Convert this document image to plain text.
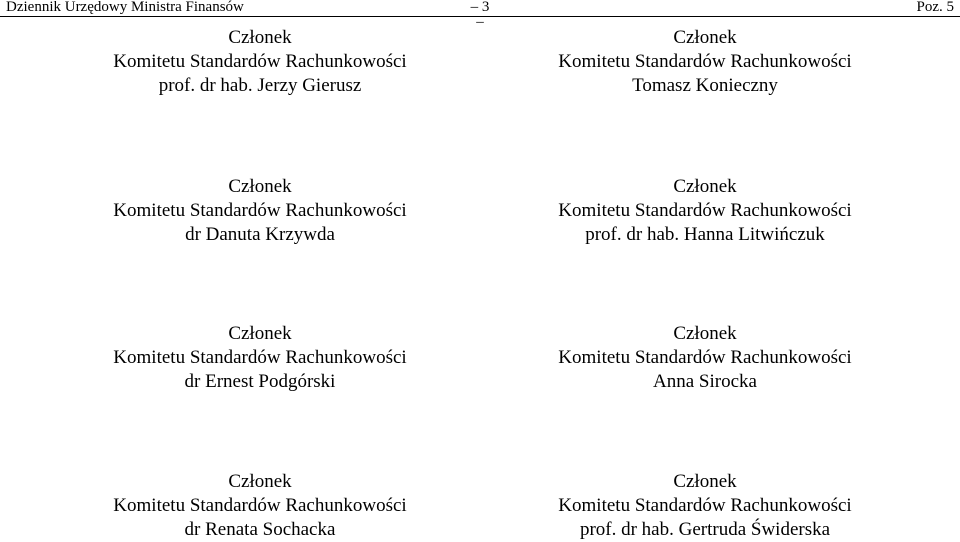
Dziennik Urzędowy Ministra Finansów	– 3 –
Poz. 5
Członek
Komitetu Standardów Rachunkowości
prof. dr hab. Jerzy Gierusz
Członek
Komitetu Standardów Rachunkowości
Tomasz Konieczny
Członek
Komitetu Standardów Rachunkowości
dr Danuta Krzywda
Członek
Komitetu Standardów Rachunkowości
prof. dr hab. Hanna Litwińczuk
Członek
Komitetu Standardów Rachunkowości
dr Ernest Podgórski
Członek
Komitetu Standardów Rachunkowości
Anna Sirocka
Członek
Komitetu Standardów Rachunkowości
dr Renata Sochacka
Członek
Komitetu Standardów Rachunkowości
prof. dr hab. Gertruda Świderska
